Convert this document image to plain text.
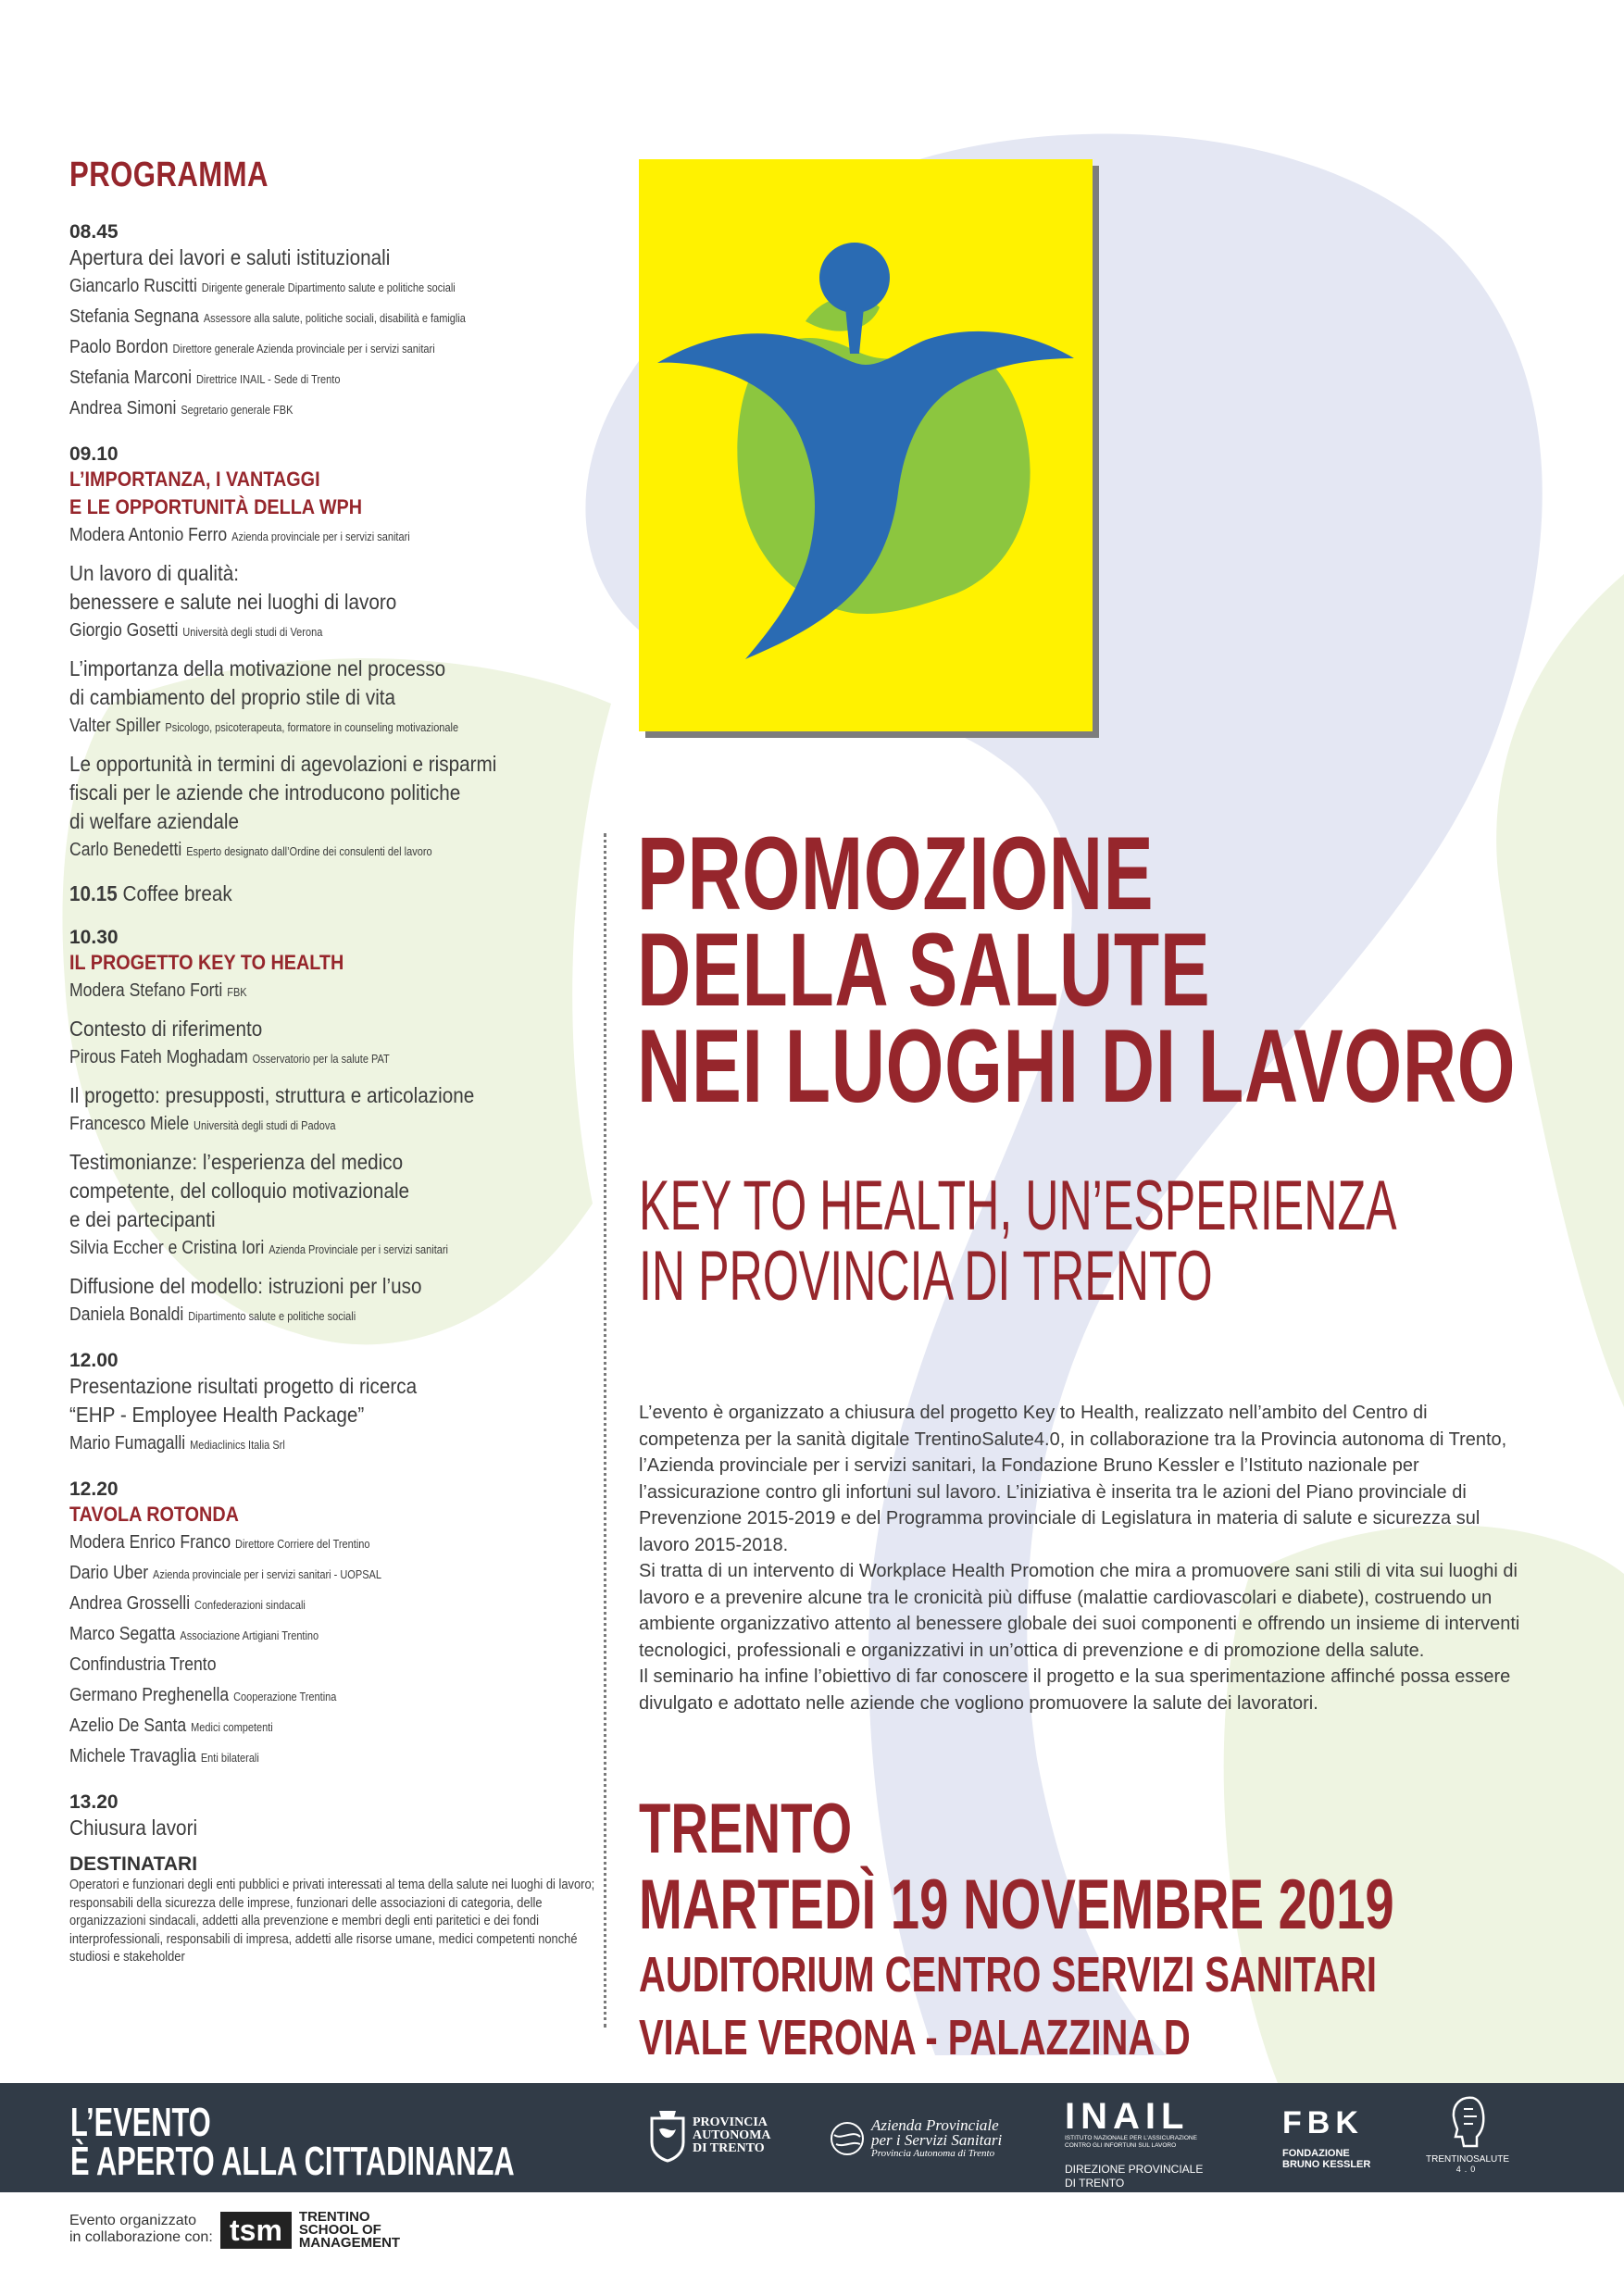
PROGRAMMA
08.45
Apertura dei lavori e saluti istituzionali
Giancarlo Ruscitti Dirigente generale Dipartimento salute e politiche sociali
Stefania Segnana Assessore alla salute, politiche sociali, disabilità e famiglia
Paolo Bordon Direttore generale Azienda provinciale per i servizi sanitari
Stefania Marconi Direttrice INAIL - Sede di Trento
Andrea Simoni Segretario generale FBK
09.10
L’IMPORTANZA, I VANTAGGI
E LE OPPORTUNITÀ DELLA WPH
Modera Antonio Ferro Azienda provinciale per i servizi sanitari
Un lavoro di qualità:
benessere e salute nei luoghi di lavoro
Giorgio Gosetti Università degli studi di Verona
L’importanza della motivazione nel processo
di cambiamento del proprio stile di vita
Valter Spiller Psicologo, psicoterapeuta, formatore in counseling motivazionale
Le opportunità in termini di agevolazioni e risparmi
fiscali per le aziende che introducono politiche
di welfare aziendale
Carlo Benedetti Esperto designato dall’Ordine dei consulenti del lavoro
10.15 Coffee break
10.30
IL PROGETTO KEY TO HEALTH
Modera Stefano Forti FBK
Contesto di riferimento
Pirous Fateh Moghadam Osservatorio per la salute PAT
Il progetto: presupposti, struttura e articolazione
Francesco Miele Università degli studi di Padova
Testimonianze: l’esperienza del medico
competente, del colloquio motivazionale
e dei partecipanti
Silvia Eccher e Cristina Iori Azienda Provinciale per i servizi sanitari
Diffusione del modello: istruzioni per l’uso
Daniela Bonaldi Dipartimento salute e politiche sociali
12.00
Presentazione risultati progetto di ricerca
“EHP - Employee Health Package”
Mario Fumagalli Mediaclinics Italia Srl
12.20
TAVOLA ROTONDA
Modera Enrico Franco Direttore Corriere del Trentino
Dario Uber Azienda provinciale per i servizi sanitari - UOPSAL
Andrea Grosselli Confederazioni sindacali
Marco Segatta Associazione Artigiani Trentino
Confindustria Trento
Germano Preghenella Cooperazione Trentina
Azelio De Santa Medici competenti
Michele Travaglia Enti bilaterali
13.20
Chiusura lavori
DESTINATARI
Operatori e funzionari degli enti pubblici e privati interessati al tema della salute nei luoghi di lavoro; responsabili della sicurezza delle imprese, funzionari delle associazioni di categoria, delle organizzazioni sindacali, addetti alla prevenzione e membri degli enti paritetici e dei fondi interprofessionali, responsabili di impresa, addetti alle risorse umane, medici competenti nonché studiosi e stakeholder
PROMOZIONE
DELLA SALUTE
NEI LUOGHI DI LAVORO
KEY TO HEALTH, UN’ESPERIENZA
IN PROVINCIA DI TRENTO

L’evento è organizzato a chiusura del progetto Key to Health, realizzato nell’ambito del Centro di competenza per la sanità digitale TrentinoSalute4.0, in collaborazione tra la Provincia autonoma di Trento, l’Azienda provinciale per i servizi sanitari, la Fondazione Bruno Kessler e l’Istituto nazionale per l’assicurazione contro gli infortuni sul lavoro. L’iniziativa è inserita tra le azioni del Piano provinciale di Prevenzione 2015-2019 e del Programma provinciale di Legislatura in materia di salute e sicurezza sul lavoro 2015-2018.

Si tratta di un intervento di Workplace Health Promotion che mira a promuovere sani stili di vita sui luoghi di lavoro e a prevenire alcune tra le cronicità più diffuse (malattie cardiovascolari e diabete), costruendo un ambiente organizzativo attento al benessere globale dei suoi componenti e offrendo un insieme di interventi tecnologici, professionali e organizzativi in un’ottica di prevenzione e di promozione della salute.

Il seminario ha infine l’obiettivo di far conoscere il progetto e la sua sperimentazione affinché possa essere divulgato e adottato nelle aziende che vogliono promuovere la salute dei lavoratori.

TRENTO
MARTEDÌ 19 NOVEMBRE 2019
AUDITORIUM CENTRO SERVIZI SANITARI
VIALE VERONA - PALAZZINA D
L’EVENTO
È APERTO ALLA CITTADINANZA
PROVINCIA
AUTONOMA
DI TRENTO
Azienda Provinciale
per i Servizi Sanitari
Provincia Autonoma di Trento
INAIL
ISTITUTO NAZIONALE PER L’ASSICURAZIONE
CONTRO GLI INFORTUNI SUL LAVORO
DIREZIONE PROVINCIALE
DI TRENTO
FBK
FONDAZIONE
BRUNO KESSLER	TRENTINOSALUTE
4.0
Evento organizzato
in collaborazione con: tsm	TRENTINO
SCHOOL OF
MANAGEMENT
